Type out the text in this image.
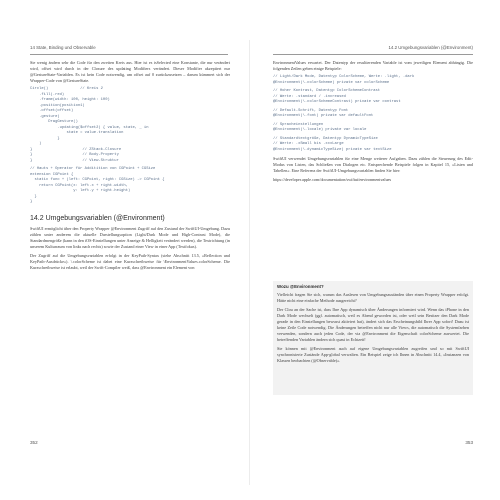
14 State, Binding und Observable	14.2 Umgebungsvariablen (@Environment)

Sie wenig ändern sehr die Code für den zweiten Kreis aus. Hier ist es isSelected eine Konstante, die nur verändert wird, offset wird durch in der Closure des updating Modifiers verändert. Dieser Modifier akzeptiert nur @GestureState-Variablen. Es ist kein Code notwendig, um offset auf 0 zurückzusetzen – darum kümmert sich der Wrapper-Code von @GestureState.

Circle()              // Kreis 2
.fill(.red)
.frame(width: 100, height: 100)
.position(position1)
.offset(offset)
.gesture(
DragGesture()
.updating($offset2) { value, state, _ in
state = value.translation
}
)
}                      // ZStack-Closure
}                      // Body-Property
}                      // View-Struktur
// Hauts + Operator für Additition von CGPoint + CGSize
extension CGPoint {
static func + (left: CGPoint, right: CGSize) -> CGPoint {
return CGPoint(x: left.x + right.width,
y: left.y + right.height)
}
}
14.2 Umgebungsvariablen (@Environment)

SwiftUI ermöglicht über den Property Wrapper @Environment Zugriff auf den Zustand der SwiftUI-Umgebung. Dazu zählen unter anderem die aktuelle Darstellungsoption (Light/Dark Mode und High-Contrast Mode), die Standardmengröße (kann in den iOS-Einstellungen unter Anzeige & Helligkeit verändert werden), die Textrichtung (in unserem Kulturraum von links nach rechts) sowie der Zustand einer View in einer App (Textfokus).

Der Zugriff auf die Umgebungsvariablen erfolgt in der KeyPath-Syntax (siehe Abschnitt 13.5, »Reflection und KeyPath-Ausdrücke«). \.colorScheme ist dabei eine Kurzschreibweise für \EnvironmentValues.colorScheme. Die Kurzschreibweise ist erlaubt, weil der Swift-Compiler weiß, dass @Environment ein Element von

EnvironmentValues erwartet. Der Datentyp der resultierenden Variable ist vom jeweiligen Element abhängig. Die folgenden Zeilen geben einige Beispiele:

// Light/Dark Mode, Datentyp ColorScheme, Werte: .light, .dark
@Environment(\.colorScheme) private var colorScheme
// Hoher Kontrast, Datentyp ColorSchemeContrast
// Werte: .standard / .increased
@Environment(\.colorSchemeContrast) private var contrast
// Default-Schrift, Datentyp Font
@Environment(\.font) private var defaultFont
// Spracheinstellungen
@Environment(\.locale) private var locale
// Standardtextgröße, Datentyp DynamicTypeSize
// Werte: .xSmall bis .xxxLarge
@Environment(\.dynamicTypeSize) private var textSize

SwiftUI verwendet Umgebungsvariablen für eine Menge weiterer Aufgaben. Dazu zählen die Steuerung des Edit-Modus von Listen, das Schließen von Dialogen etc. Entsprechende Beispiele folgen in Kapitel 15, »Listen und Tabellen«. Eine Referenz der SwiftUI-Umgebungsvariablen finden Sie hier:

https://developer.apple.com/documentation/swiftui/environmentvalues
Wozu @Environment?

Vielleicht fragen Sie sich, warum das Auslesen von Umgebungszuständen über einen Property Wrapper erfolgt. Hätte nicht eine einfache Methode ausgereicht?

Der Clou an der Sache ist, dass Ihre App dynamisch über Änderungen informiert wird. Wenn das iPhone in den Dark Mode wechselt (ggf. automatisch, weil es Abend geworden ist, oder weil sein Besitzer den Dark Mode gerade in den Einstellungen bewusst aktiviert hat), ändert sich das Erscheinungsbild Ihrer App sofort! Dazu ist keine Zeile Code notwendig. Die Änderungen betreffen nicht nur alle Views, die automatisch die Systemfarben verwenden, sondern auch jeden Code, der via @Environment die Eigenschaft colorScheme auswertet. Die betreffenden Variablen ändern sich quasi in Echtzeit!

Sie können mit @Environment auch auf eigene Umgebungsvariablen zugreifen und so mit SwiftUI synchronisierte Zustände App-global verwalten. Ein Beispiel zeige ich Ihnen in Abschnitt 14.4, »Instanzen von Klassen beobachten (@Observable)«.

352	353
